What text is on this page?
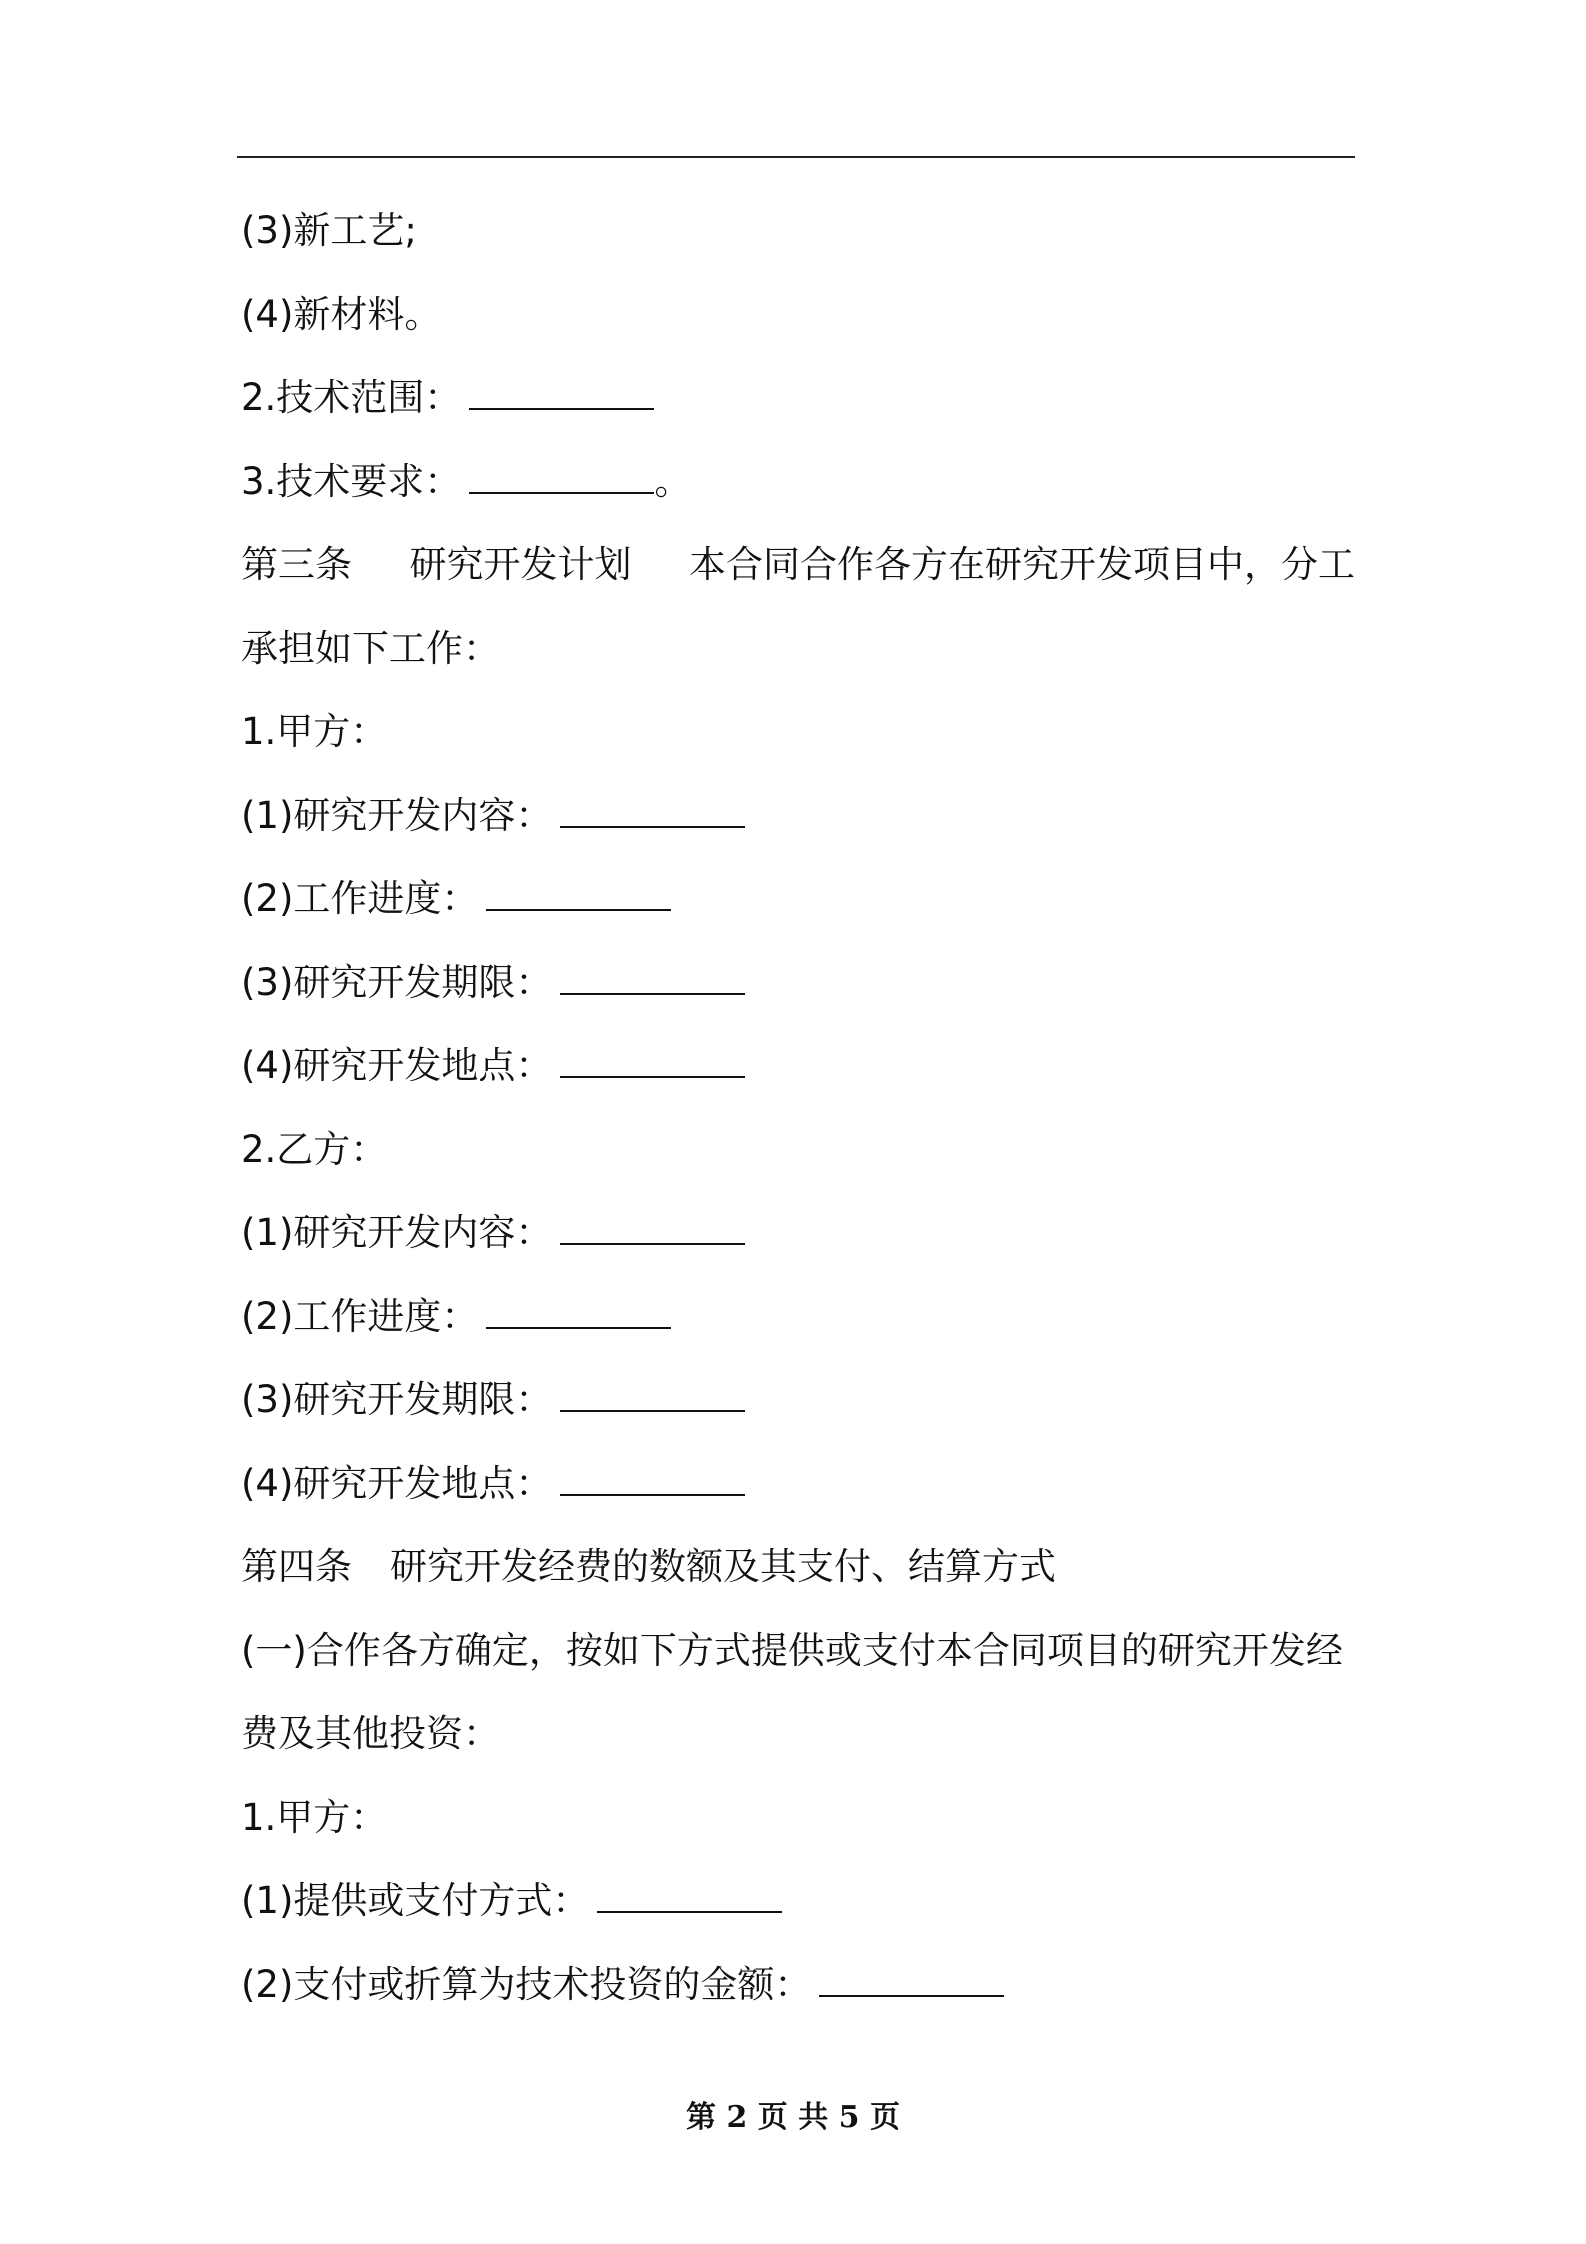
(3)新工艺;
(4)新材料。
2.技术范围：
3.技术要求：	。
第三条 研究开发计划 本合同合作各方在研究开发项目中，分工
承担如下工作：
1.甲方：
(1)研究开发内容：
(2)工作进度：
(3)研究开发期限：
(4)研究开发地点：
2.乙方：
(1)研究开发内容：
(2)工作进度：
(3)研究开发期限：
(4)研究开发地点：
第四条 研究开发经费的数额及其支付、结算方式
(一)合作各方确定，按如下方式提供或支付本合同项目的研究开发经
费及其他投资：
1.甲方：
(1)提供或支付方式：
(2)支付或折算为技术投资的金额：
第 2 页 共 5 页
